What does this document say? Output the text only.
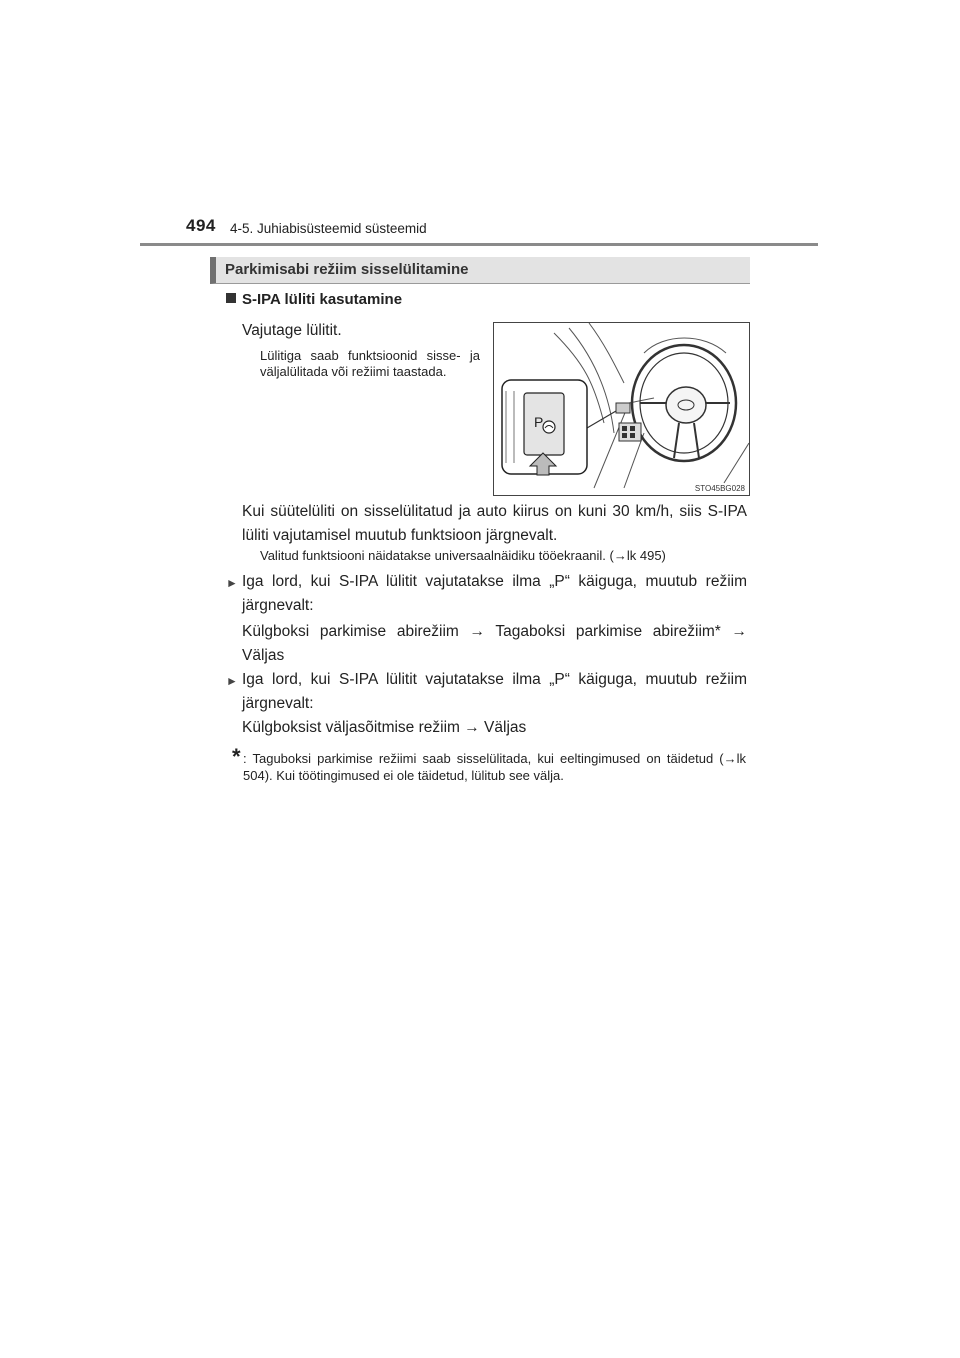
494 4-5. Juhiabisüsteemid süsteemid
Parkimisabi režiim sisselülitamine
S-IPA lüliti kasutamine
Vajutage lülitit.
Lülitiga saab funktsioonid sisse- ja väljalülitada või režiimi taastada.
P
STO45BG028
Kui süütelüliti on sisselülitatud ja auto kiirus on kuni 30 km/h, siis S-IPA lüliti vajutamisel muutub funktsioon järgnevalt.
Valitud funktsiooni näidatakse universaalnäidiku tööekraanil. (→lk 495)
► Iga lord, kui S-IPA lülitit vajutatakse ilma „P“ käiguga, muutub režiim järgnevalt:
Külgboksi parkimise abirežiim → Tagaboksi parkimise abirežiim* → Väljas
► Iga lord, kui S-IPA lülitit vajutatakse ilma „P“ käiguga, muutub režiim järgnevalt:
Külgboksist väljasõitmise režiim → Väljas
* : Taguboksi parkimise režiimi saab sisselülitada, kui eeltingimused on täidetud (→lk 504). Kui töötingimused ei ole täidetud, lülitub see välja.
